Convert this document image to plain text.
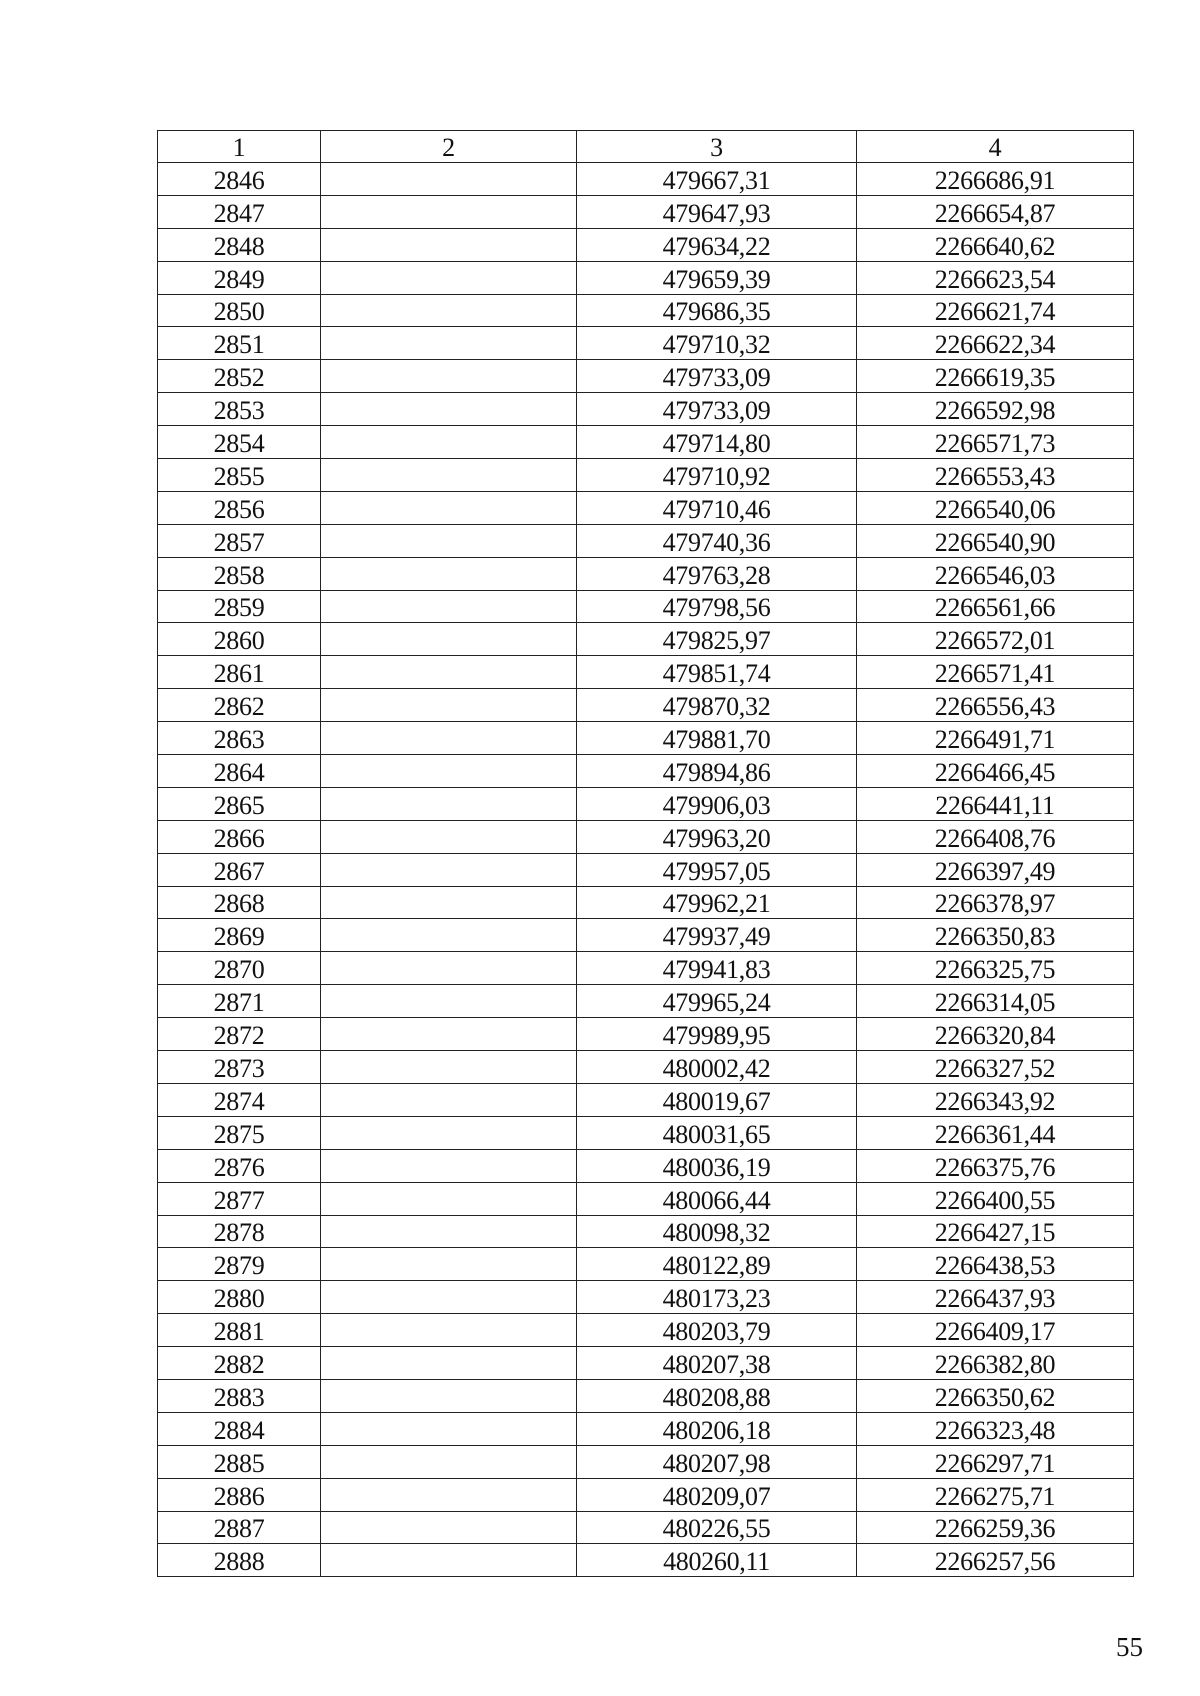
1	2	3	4
2846		479667,31	2266686,91
2847		479647,93	2266654,87
2848		479634,22	2266640,62
2849		479659,39	2266623,54
2850		479686,35	2266621,74
2851		479710,32	2266622,34
2852		479733,09	2266619,35
2853		479733,09	2266592,98
2854		479714,80	2266571,73
2855		479710,92	2266553,43
2856		479710,46	2266540,06
2857		479740,36	2266540,90
2858		479763,28	2266546,03
2859		479798,56	2266561,66
2860		479825,97	2266572,01
2861		479851,74	2266571,41
2862		479870,32	2266556,43
2863		479881,70	2266491,71
2864		479894,86	2266466,45
2865		479906,03	2266441,11
2866		479963,20	2266408,76
2867		479957,05	2266397,49
2868		479962,21	2266378,97
2869		479937,49	2266350,83
2870		479941,83	2266325,75
2871		479965,24	2266314,05
2872		479989,95	2266320,84
2873		480002,42	2266327,52
2874		480019,67	2266343,92
2875		480031,65	2266361,44
2876		480036,19	2266375,76
2877		480066,44	2266400,55
2878		480098,32	2266427,15
2879		480122,89	2266438,53
2880		480173,23	2266437,93
2881		480203,79	2266409,17
2882		480207,38	2266382,80
2883		480208,88	2266350,62
2884		480206,18	2266323,48
2885		480207,98	2266297,71
2886		480209,07	2266275,71
2887		480226,55	2266259,36
2888		480260,11	2266257,56
55
